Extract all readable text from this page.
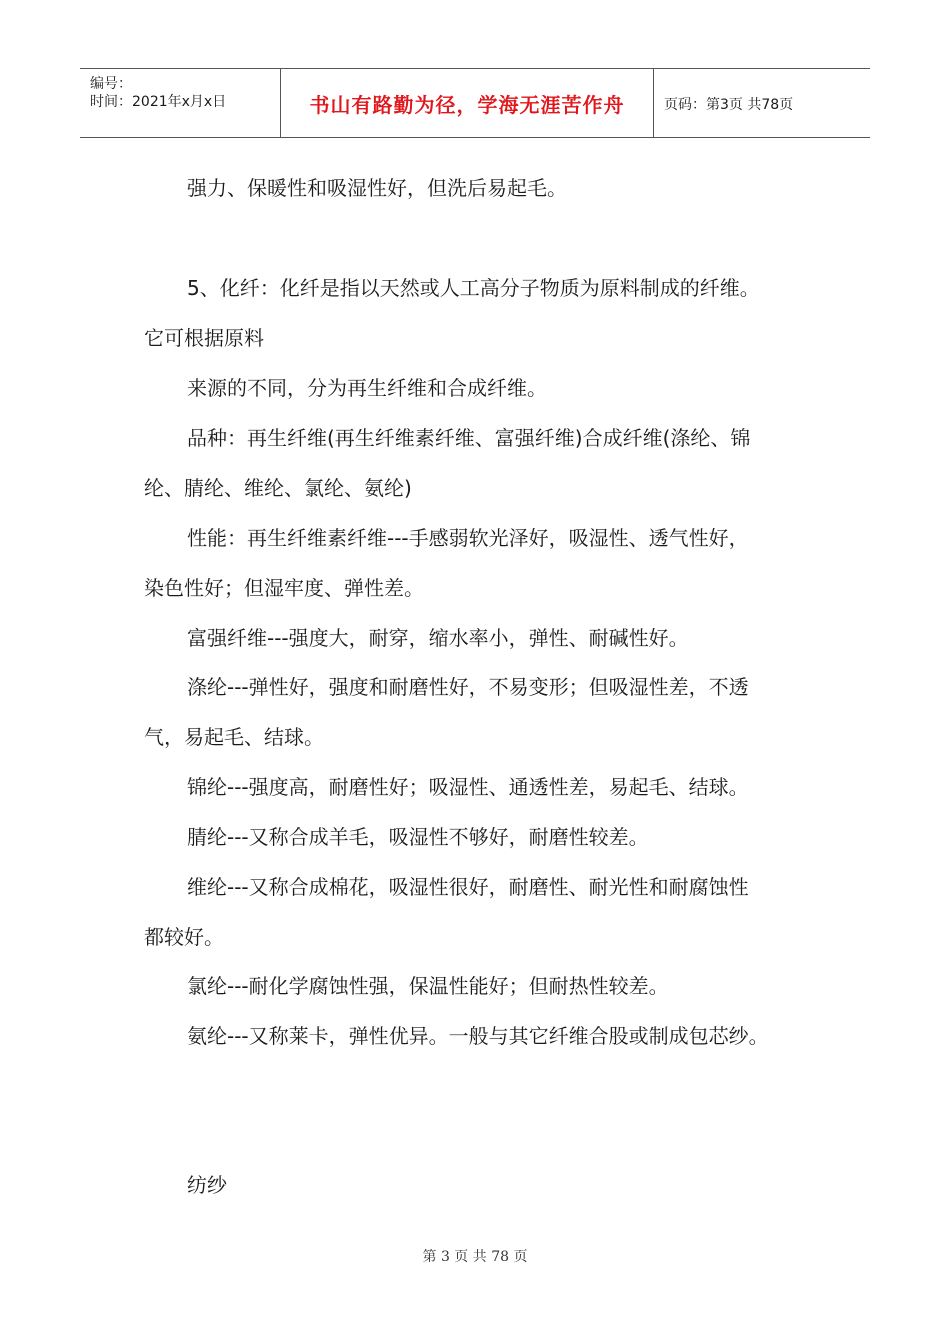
编号：
时间：2021年x月x日	书山有路勤为径，学海无涯苦作舟	页码：第3页 共78页
强力、保暖性和吸湿性好，但洗后易起毛。
5、化纤：化纤是指以天然或人工高分子物质为原料制成的纤维。
它可根据原料
来源的不同，分为再生纤维和合成纤维。
品种：再生纤维(再生纤维素纤维、富强纤维)合成纤维(涤纶、锦
纶、腈纶、维纶、氯纶、氨纶)
性能：再生纤维素纤维---手感弱软光泽好，吸湿性、透气性好，
染色性好；但湿牢度、弹性差。
富强纤维---强度大，耐穿，缩水率小，弹性、耐碱性好。
涤纶---弹性好，强度和耐磨性好，不易变形；但吸湿性差，不透
气，易起毛、结球。
锦纶---强度高，耐磨性好；吸湿性、通透性差，易起毛、结球。
腈纶---又称合成羊毛，吸湿性不够好，耐磨性较差。
维纶---又称合成棉花，吸湿性很好，耐磨性、耐光性和耐腐蚀性
都较好。
氯纶---耐化学腐蚀性强，保温性能好；但耐热性较差。
氨纶---又称莱卡，弹性优异。一般与其它纤维合股或制成包芯纱。
纺纱
第 3 页 共 78 页
